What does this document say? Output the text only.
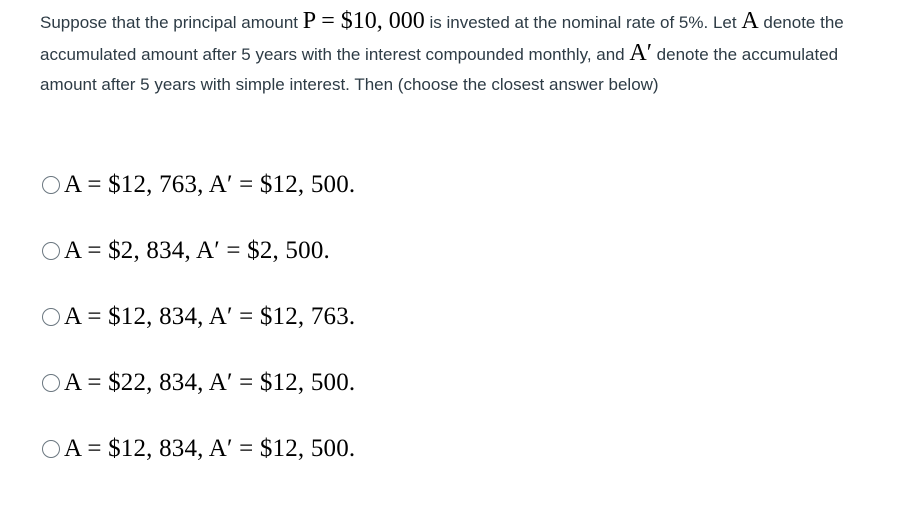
Suppose that the principal amount P = $10, 000 is invested at the nominal rate of 5%. Let A denote the accumulated amount after 5 years with the interest compounded monthly, and A′ denote the accumulated amount after 5 years with simple interest. Then (choose the closest answer below)
A = $12, 763, A′ = $12, 500.
A = $2, 834, A′ = $2, 500.
A = $12, 834, A′ = $12, 763.
A = $22, 834, A′ = $12, 500.
A = $12, 834, A′ = $12, 500.
